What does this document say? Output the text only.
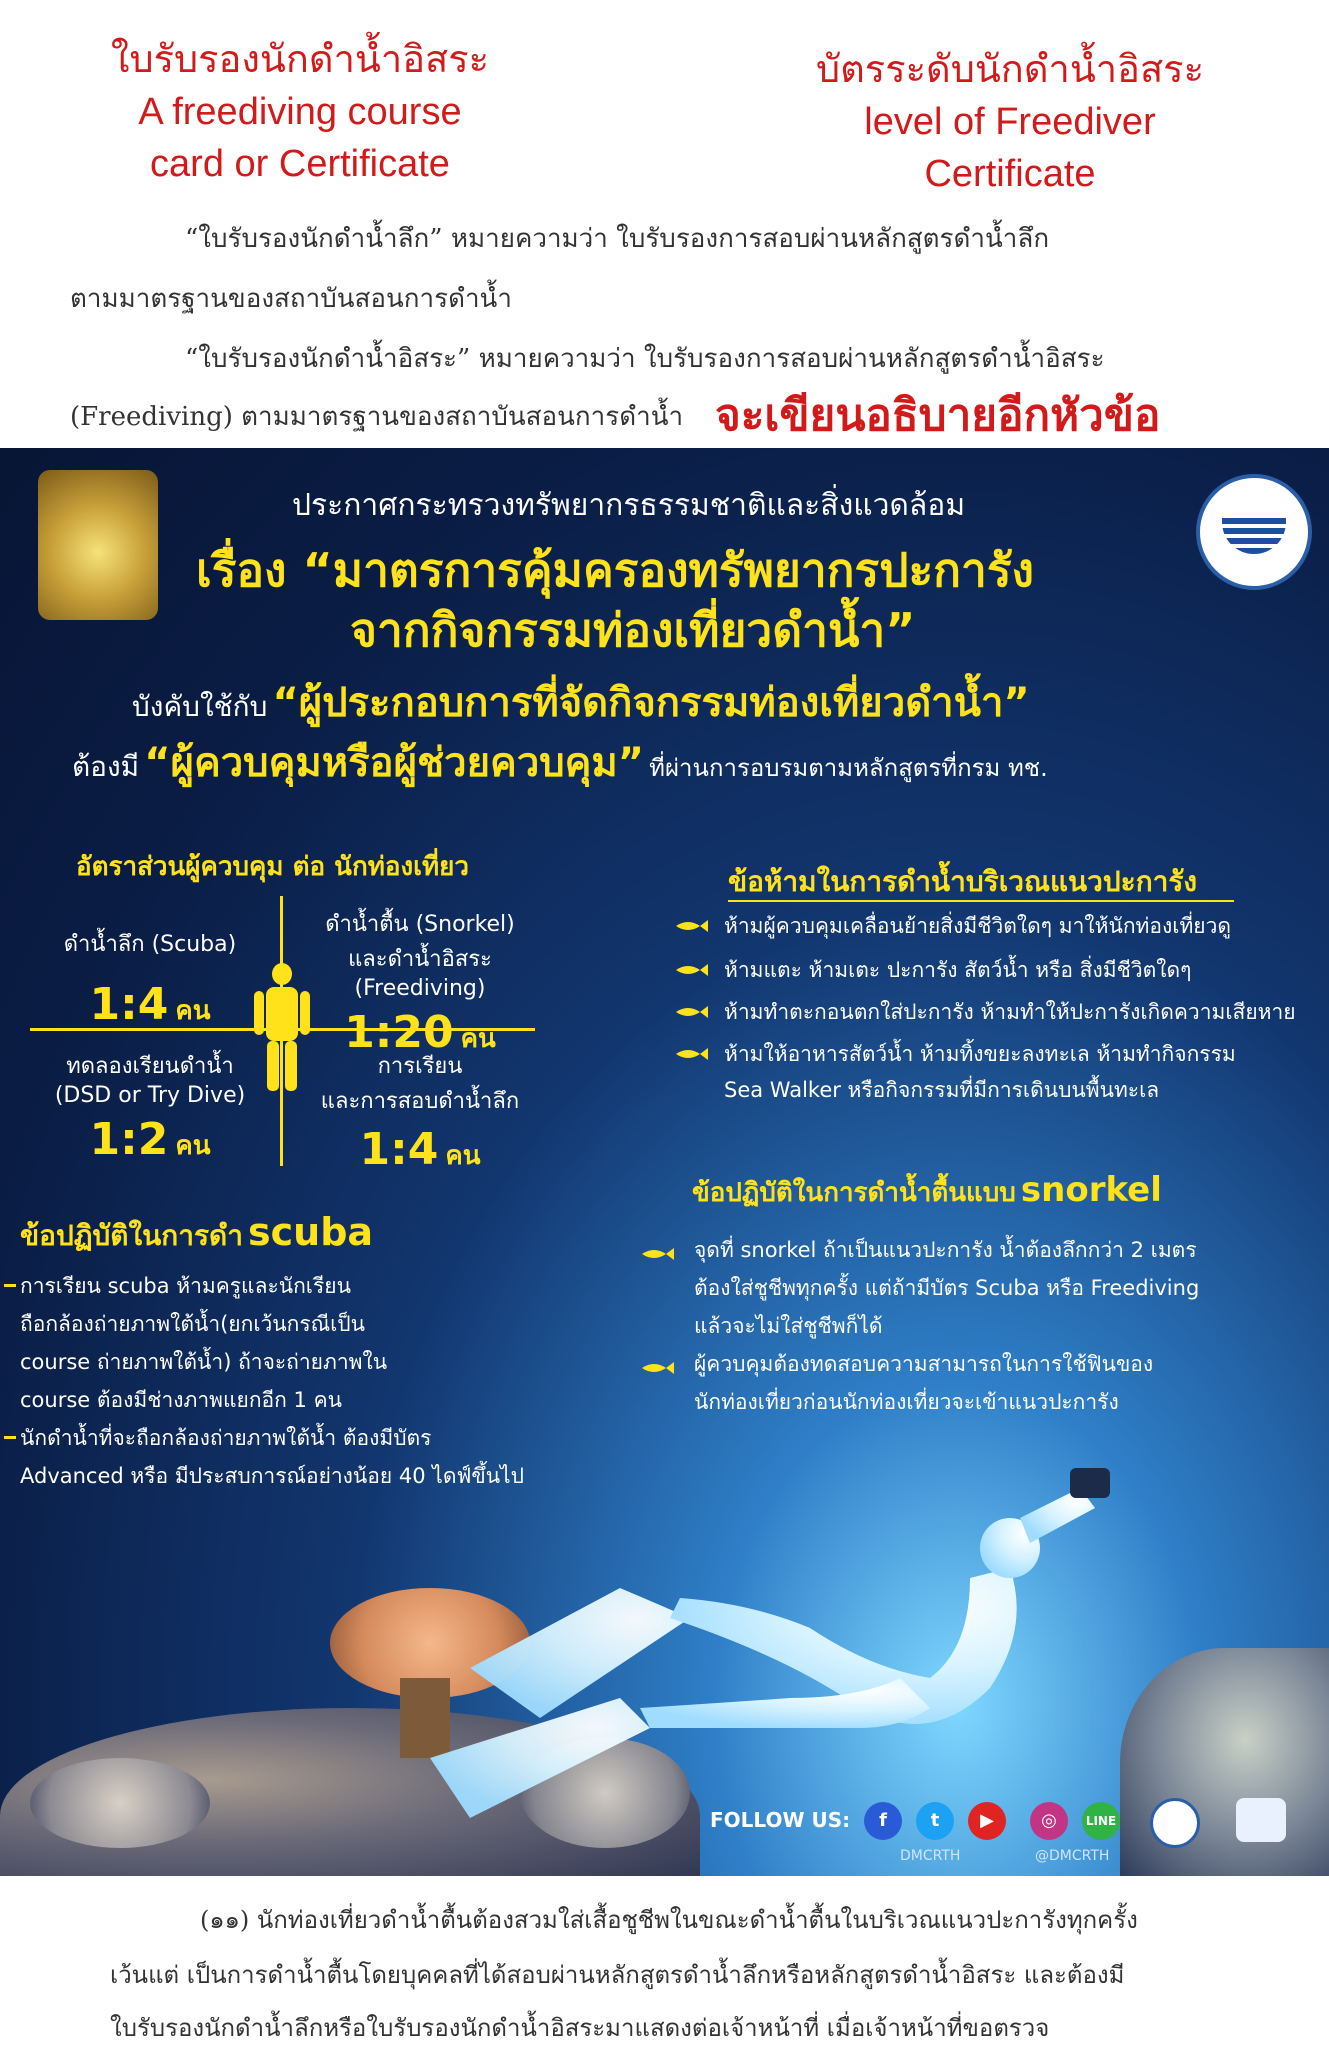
ใบรับรองนักดำน้ำอิสระ
A freediving course
card or Certificate
บัตรระดับนักดำน้ำอิสระ
level of Freediver
Certificate
“ใบรับรองนักดำน้ำลึก” หมายความว่า ใบรับรองการสอบผ่านหลักสูตรดำน้ำลึก
ตามมาตรฐานของสถาบันสอนการดำน้ำ
“ใบรับรองนักดำน้ำอิสระ” หมายความว่า ใบรับรองการสอบผ่านหลักสูตรดำน้ำอิสระ
(Freediving) ตามมาตรฐานของสถาบันสอนการดำน้ำ จะเขียนอธิบายอีกหัวข้อ
ประกาศกระทรวงทรัพยากรธรรมชาติและสิ่งแวดล้อม
เรื่อง “มาตรการคุ้มครองทรัพยากรปะการัง
จากกิจกรรมท่องเที่ยวดำน้ำ”
บังคับใช้กับ “ผู้ประกอบการที่จัดกิจกรรมท่องเที่ยวดำน้ำ”
ต้องมี “ผู้ควบคุมหรือผู้ช่วยควบคุม” ที่ผ่านการอบรมตามหลักสูตรที่กรม ทช.
อัตราส่วนผู้ควบคุม ต่อ นักท่องเที่ยว
ดำน้ำลึก (Scuba)
1:4 คน
ดำน้ำตื้น (Snorkel)
และดำน้ำอิสระ (Freediving)
1:20 คน
ทดลองเรียนดำน้ำ
(DSD or Try Dive)
1:2 คน
การเรียน
และการสอบดำน้ำลึก
1:4 คน
ข้อห้ามในการดำน้ำบริเวณแนวปะการัง
ห้ามผู้ควบคุมเคลื่อนย้ายสิ่งมีชีวิตใดๆ มาให้นักท่องเที่ยวดู
ห้ามแตะ ห้ามเตะ ปะการัง สัตว์น้ำ หรือ สิ่งมีชีวิตใดๆ
ห้ามทำตะกอนตกใส่ปะการัง ห้ามทำให้ปะการังเกิดความเสียหาย
ห้ามให้อาหารสัตว์น้ำ ห้ามทิ้งขยะลงทะเล ห้ามทำกิจกรรม
Sea Walker หรือกิจกรรมที่มีการเดินบนพื้นทะเล
ข้อปฏิบัติในการดำน้ำตื้นแบบ snorkel
จุดที่ snorkel ถ้าเป็นแนวปะการัง น้ำต้องลึกกว่า 2 เมตร
ต้องใส่ชูชีพทุกครั้ง แต่ถ้ามีบัตร Scuba หรือ Freediving
แล้วจะไม่ใส่ชูชีพก็ได้
ผู้ควบคุมต้องทดสอบความสามารถในการใช้ฟินของ
นักท่องเที่ยวก่อนนักท่องเที่ยวจะเข้าแนวปะการัง
ข้อปฏิบัติในการดำ scuba
การเรียน scuba ห้ามครูและนักเรียน
ถือกล้องถ่ายภาพใต้น้ำ(ยกเว้นกรณีเป็น
course ถ่ายภาพใต้น้ำ) ถ้าจะถ่ายภาพใน
course ต้องมีช่างภาพแยกอีก 1 คน
นักดำน้ำที่จะถือกล้องถ่ายภาพใต้น้ำ ต้องมีบัตร
Advanced หรือ มีประสบการณ์อย่างน้อย 40 ไดฟ์ขึ้นไป
FOLLOW US:	f	t	▶	◎	LINE
DMCRTH	@DMCRTH
(๑๑) นักท่องเที่ยวดำน้ำตื้นต้องสวมใส่เสื้อชูชีพในขณะดำน้ำตื้นในบริเวณแนวปะการังทุกครั้ง
เว้นแต่ เป็นการดำน้ำตื้นโดยบุคคลที่ได้สอบผ่านหลักสูตรดำน้ำลึกหรือหลักสูตรดำน้ำอิสระ และต้องมี
ใบรับรองนักดำน้ำลึกหรือใบรับรองนักดำน้ำอิสระมาแสดงต่อเจ้าหน้าที่ เมื่อเจ้าหน้าที่ขอตรวจ
